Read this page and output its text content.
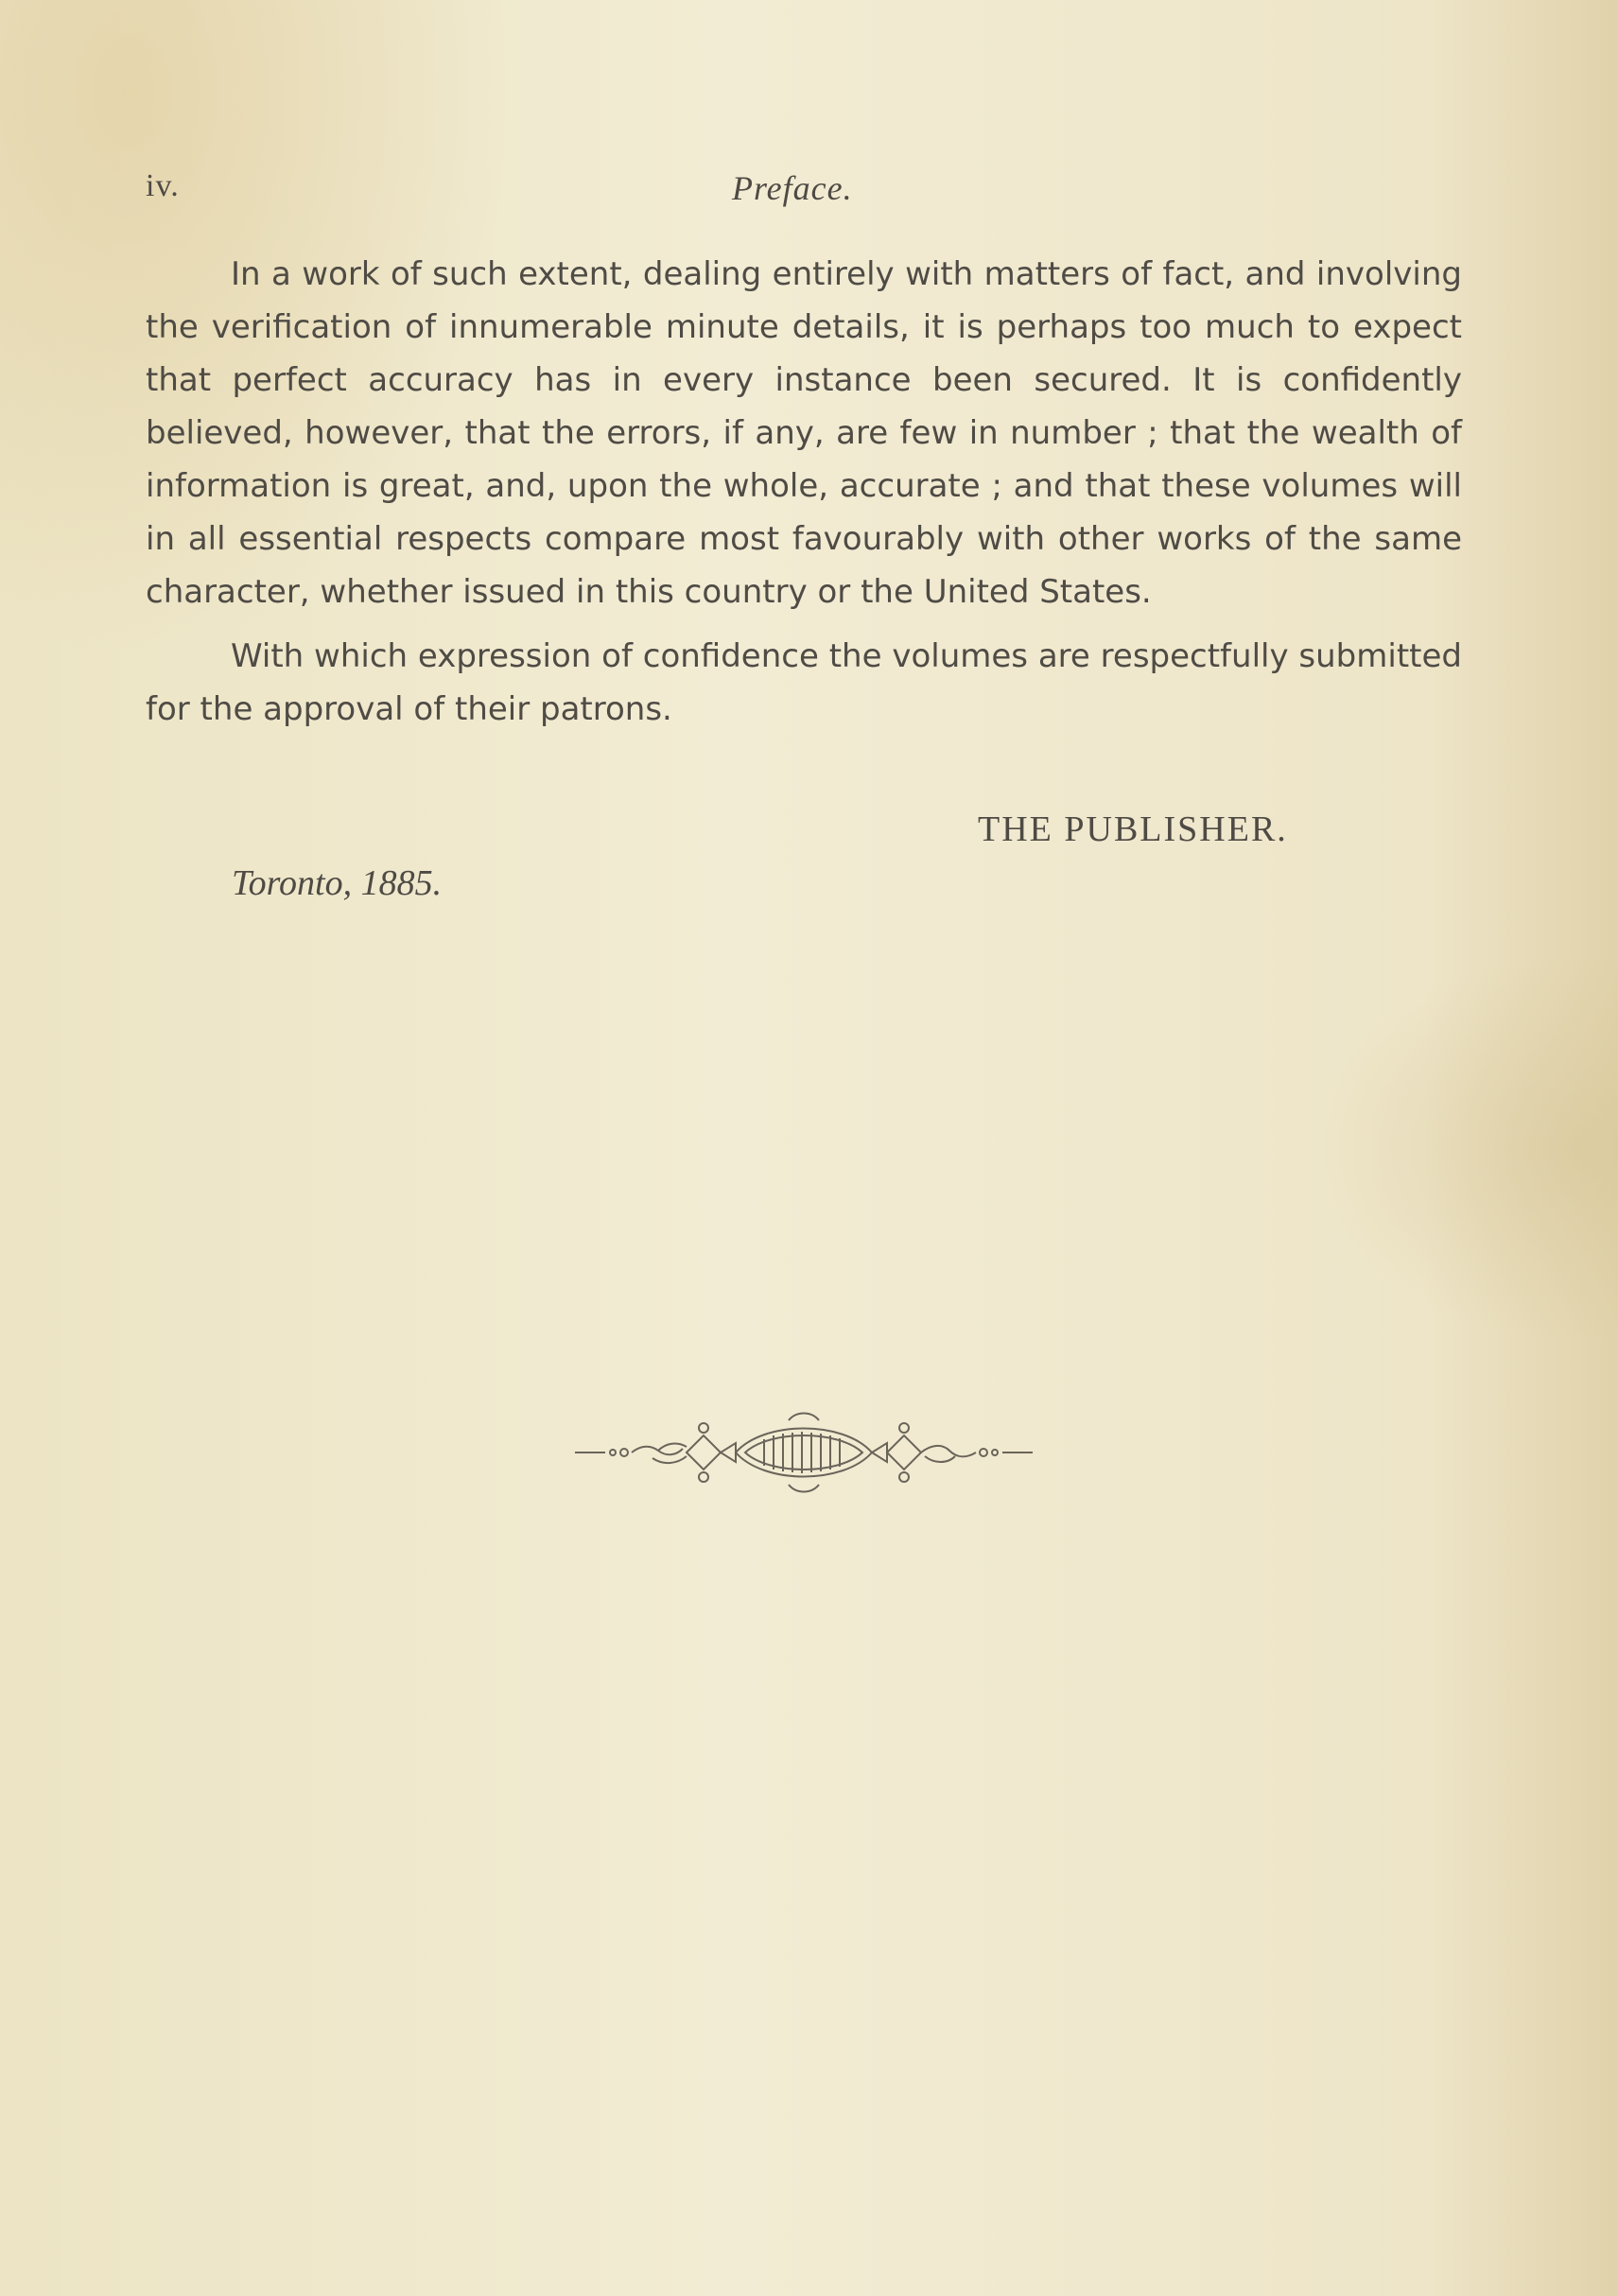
iv.	Preface.

In a work of such extent, dealing entirely with matters of fact, and involving the verification of innumerable minute details, it is perhaps too much to expect that perfect accuracy has in every instance been secured. It is confidently believed, however, that the errors, if any, are few in number ; that the wealth of information is great, and, upon the whole, accurate ; and that these volumes will in all essential respects compare most favourably with other works of the same character, whether issued in this country or the United States.

With which expression of confidence the volumes are respectfully submitted for the approval of their patrons.

THE PUBLISHER.
Toronto, 1885.
